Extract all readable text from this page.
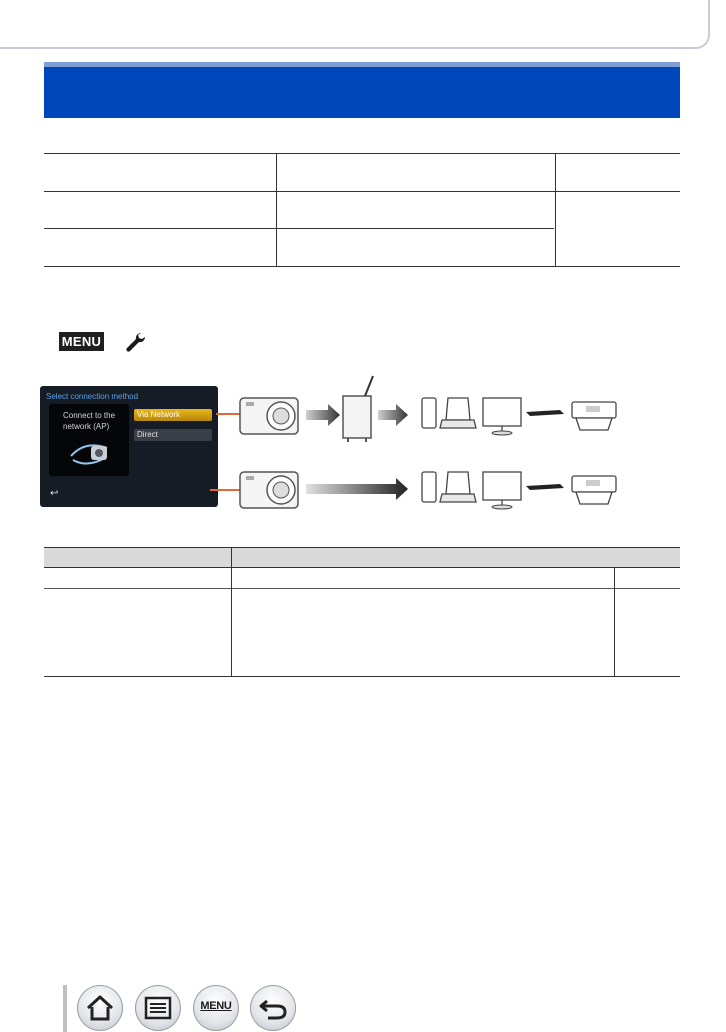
MENU
Select connection method
Connect to the network (AP)
Via Network
Direct
↩
MENU
